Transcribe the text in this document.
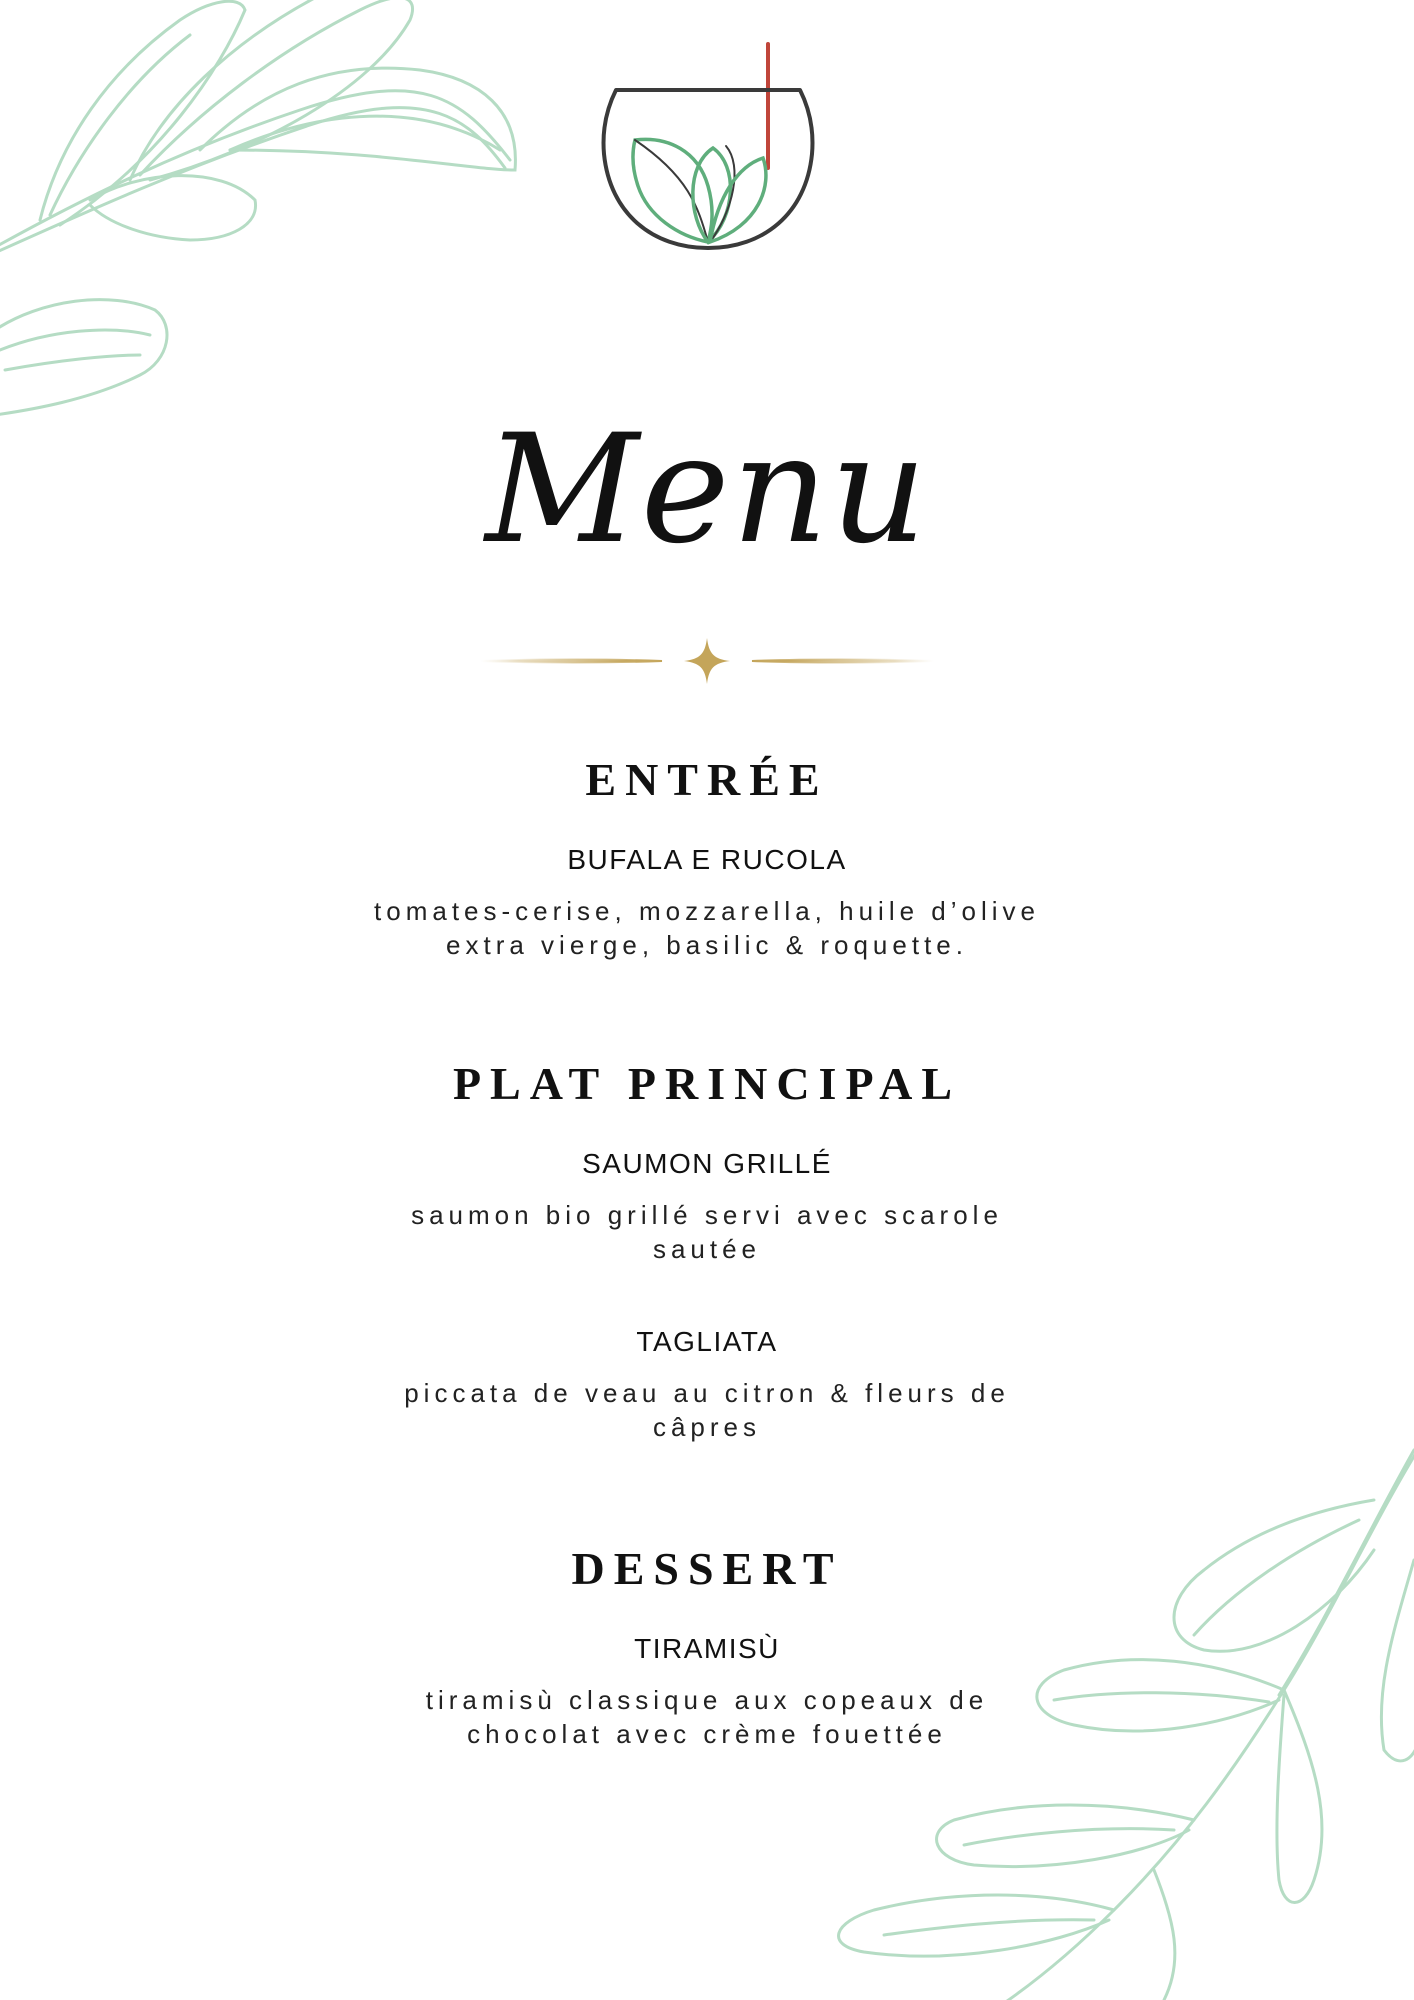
Menu
ENTRÉE

BUFALA E RUCOLA

tomates-cerise, mozzarella, huile d’olive extra vierge, basilic & roquette.

PLAT PRINCIPAL

SAUMON GRILLÉ

saumon bio grillé servi avec scarole sautée

TAGLIATA

piccata de veau au citron & fleurs de câpres

DESSERT

TIRAMISÙ

tiramisù classique aux copeaux de chocolat avec crème fouettée
